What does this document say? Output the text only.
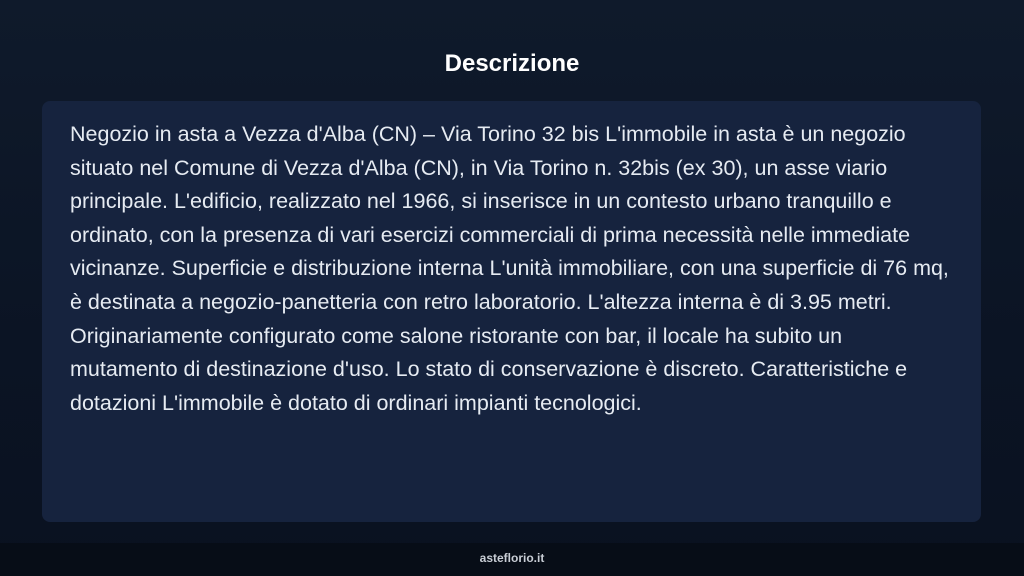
Descrizione

Negozio in asta a Vezza d'Alba (CN) – Via Torino 32 bis L'immobile in asta è un negozio situato nel Comune di Vezza d'Alba (CN), in Via Torino n. 32bis (ex 30), un asse viario principale. L'edificio, realizzato nel 1966, si inserisce in un contesto urbano tranquillo e ordinato, con la presenza di vari esercizi commerciali di prima necessità nelle immediate vicinanze. Superficie e distribuzione interna L'unità immobiliare, con una superficie di 76 mq, è destinata a negozio-panetteria con retro laboratorio. L'altezza interna è di 3.95 metri. Originariamente configurato come salone ristorante con bar, il locale ha subito un mutamento di destinazione d'uso. Lo stato di conservazione è discreto. Caratteristiche e dotazioni L'immobile è dotato di ordinari impianti tecnologici.

asteflorio.it
